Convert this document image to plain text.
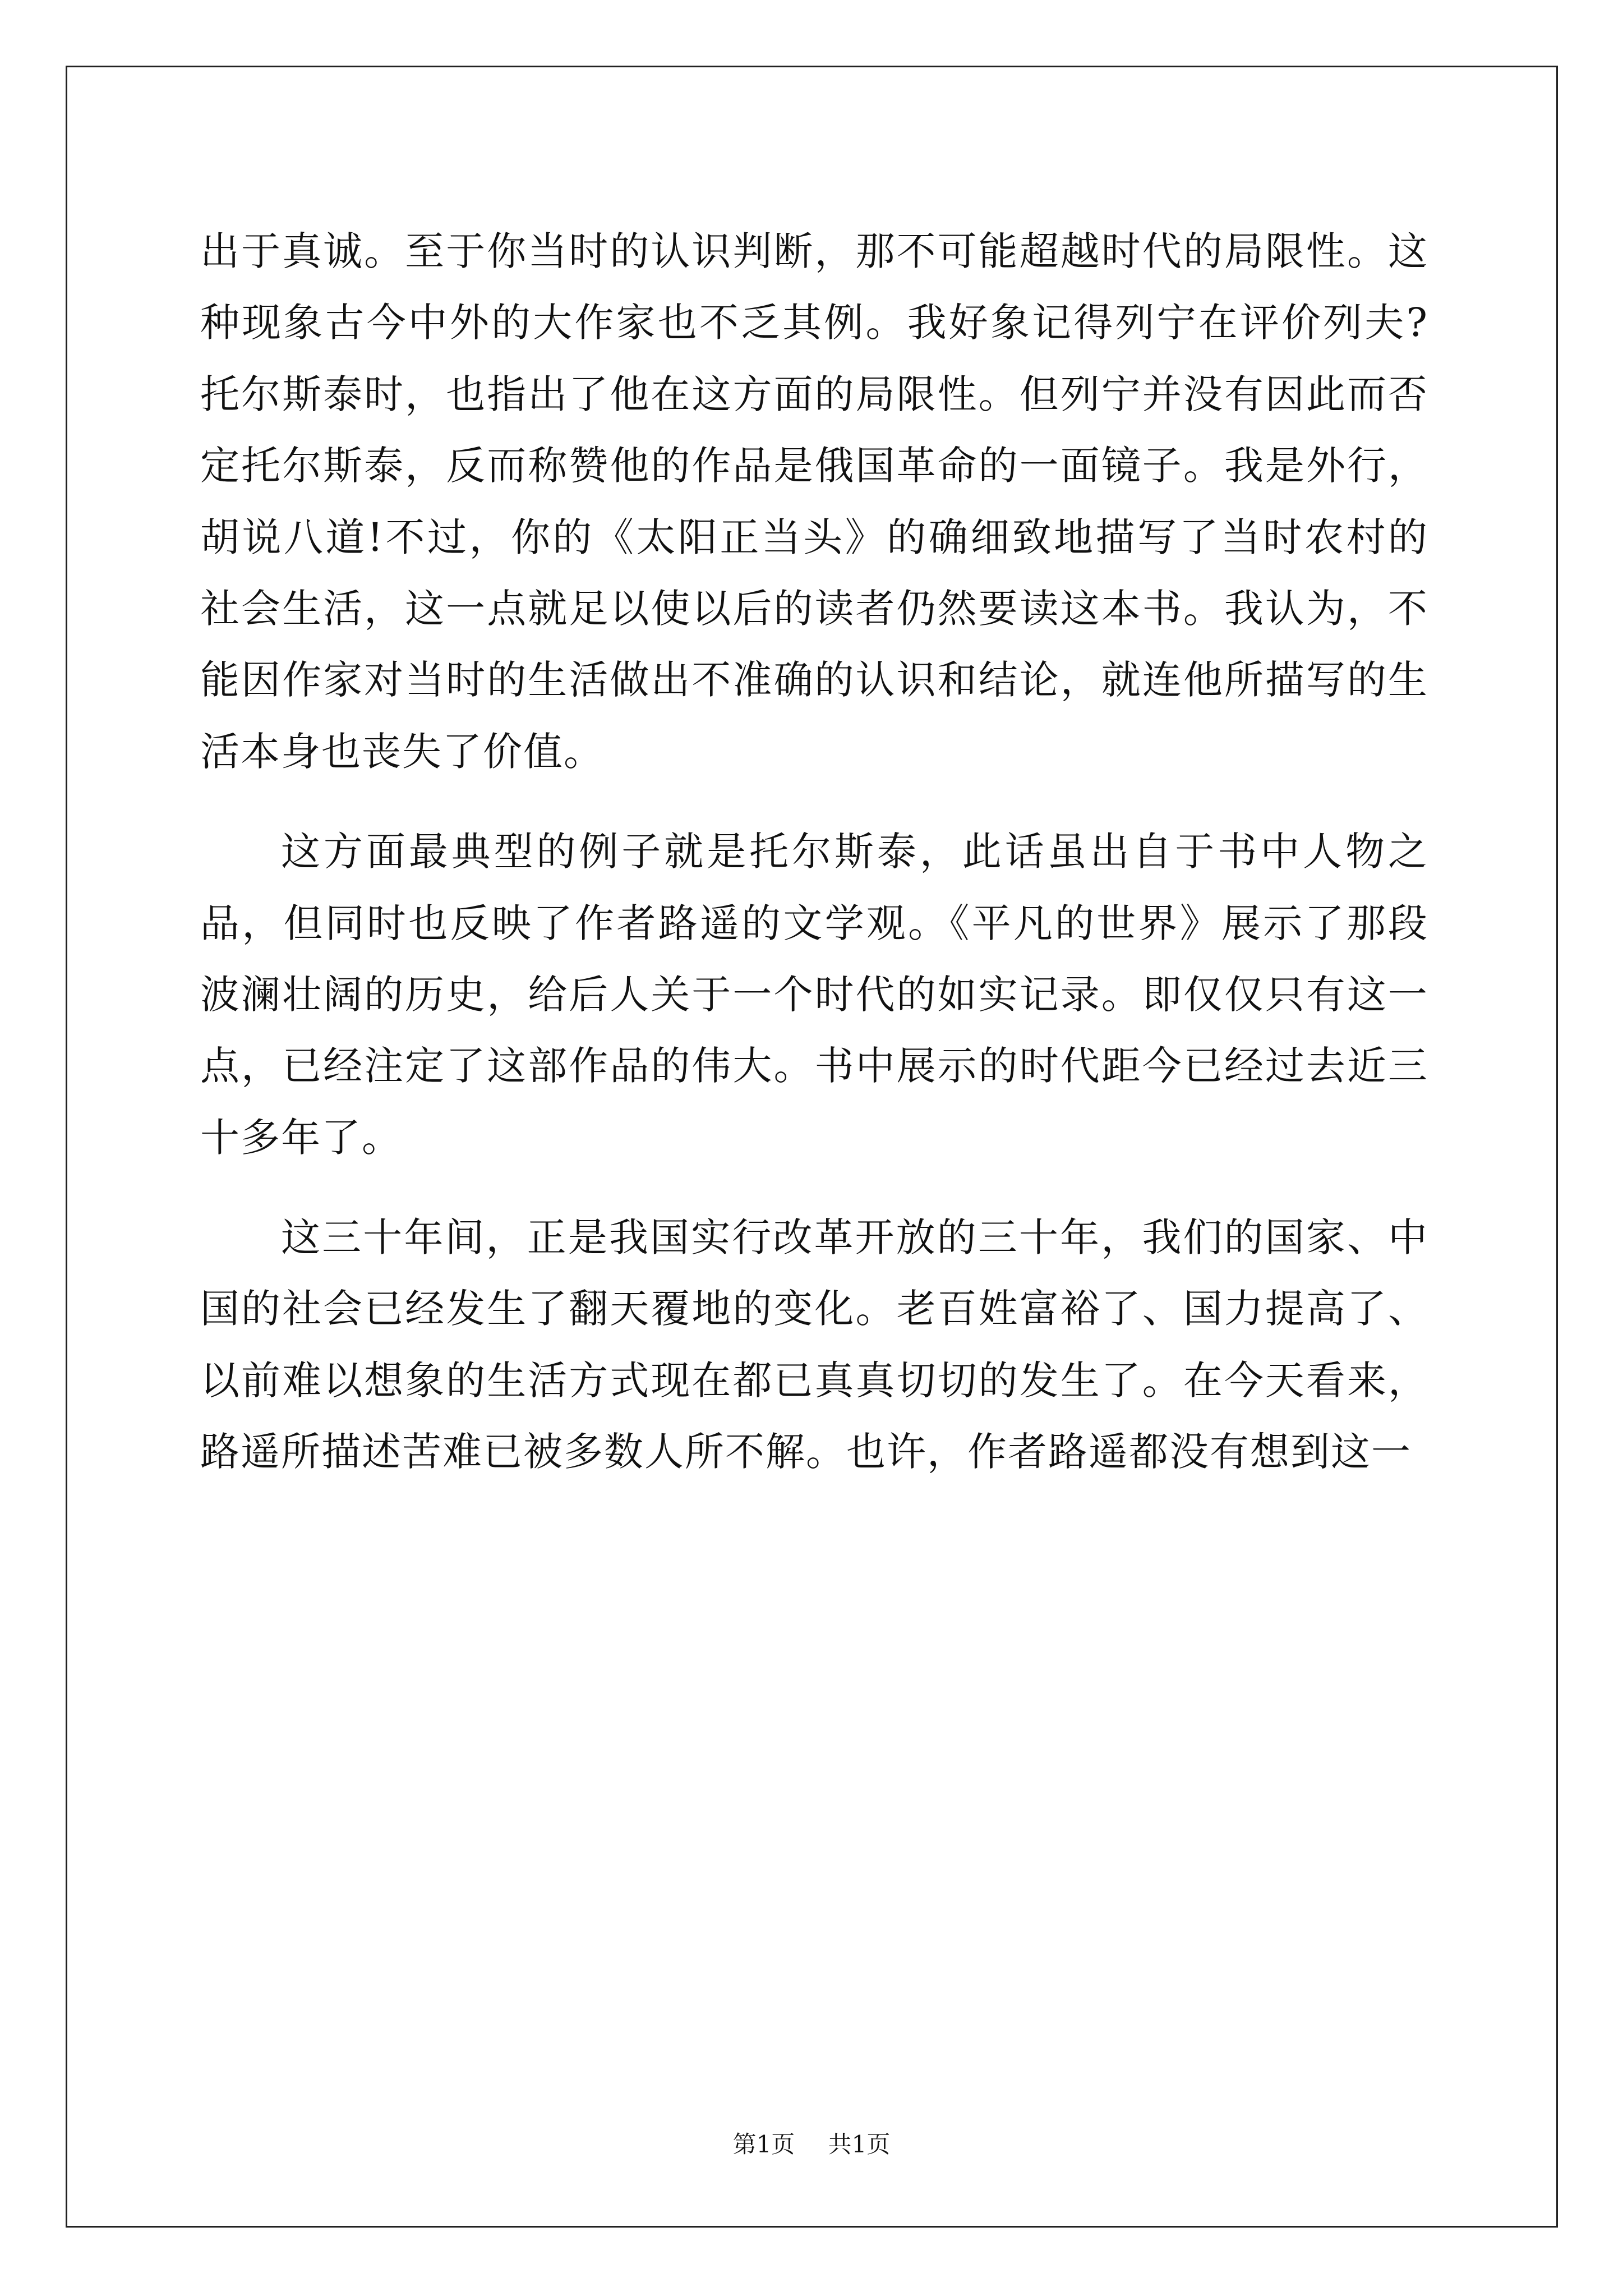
出于真诚。至于你当时的认识判断，那不可能超越时代的局限性。这种现象古今中外的大作家也不乏其例。我好象记得列宁在评价列夫?托尔斯泰时，也指出了他在这方面的局限性。但列宁并没有因此而否定托尔斯泰，反而称赞他的作品是俄国革命的一面镜子。我是外行，胡说八道!不过，你的《太阳正当头》的确细致地描写了当时农村的社会生活，这一点就足以使以后的读者仍然要读这本书。我认为，不能因作家对当时的生活做出不准确的认识和结论，就连他所描写的生活本身也丧失了价值。

这方面最典型的例子就是托尔斯泰，此话虽出自于书中人物之品，但同时也反映了作者路遥的文学观。《平凡的世界》展示了那段波澜壮阔的历史，给后人关于一个时代的如实记录。即仅仅只有这一点，已经注定了这部作品的伟大。书中展示的时代距今已经过去近三十多年了。

这三十年间，正是我国实行改革开放的三十年，我们的国家、中国的社会已经发生了翻天覆地的变化。老百姓富裕了、国力提高了、以前难以想象的生活方式现在都已真真切切的发生了。在今天看来，路遥所描述苦难已被多数人所不解。也许，作者路遥都没有想到这一

第1页 共1页
